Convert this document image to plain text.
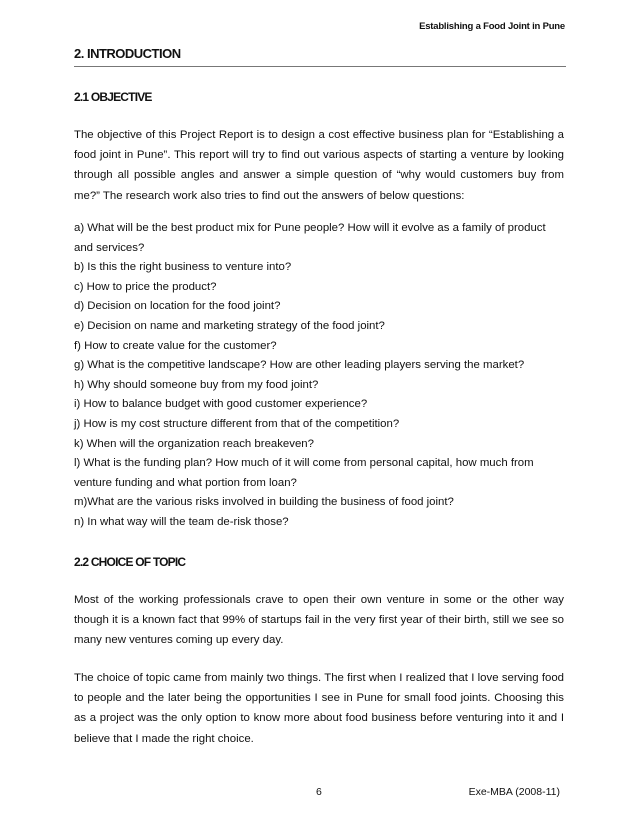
Establishing a Food Joint in Pune
2. INTRODUCTION
2.1 OBJECTIVE

The objective of this Project Report is to design a cost effective business plan for “Establishing a food joint in Pune”. This report will try to find out various aspects of starting a venture by looking through all possible angles and answer a simple question of “why would customers buy from me?” The research work also tries to find out the answers of below questions:

a) What will be the best product mix for Pune people? How will it evolve as a family of product and services?
b) Is this the right business to venture into?
c) How to price the product?
d) Decision on location for the food joint?
e) Decision on name and marketing strategy of the food joint?
f) How to create value for the customer?
g) What is the competitive landscape? How are other leading players serving the market?
h) Why should someone buy from my food joint?
i) How to balance budget with good customer experience?
j) How is my cost structure different from that of the competition?
k) When will the organization reach breakeven?
l) What is the funding plan? How much of it will come from personal capital, how much from venture funding and what portion from loan?
m)What are the various risks involved in building the business of food joint?
n) In what way will the team de-risk those?
2.2 CHOICE OF TOPIC

Most of the working professionals crave to open their own venture in some or the other way though it is a known fact that 99% of startups fail in the very first year of their birth, still we see so many new ventures coming up every day.

The choice of topic came from mainly two things. The first when I realized that I love serving food to people and the later being the opportunities I see in Pune for small food joints. Choosing this as a project was the only option to know more about food business before venturing into it and I believe that I made the right choice.

6	Exe-MBA (2008-11)
